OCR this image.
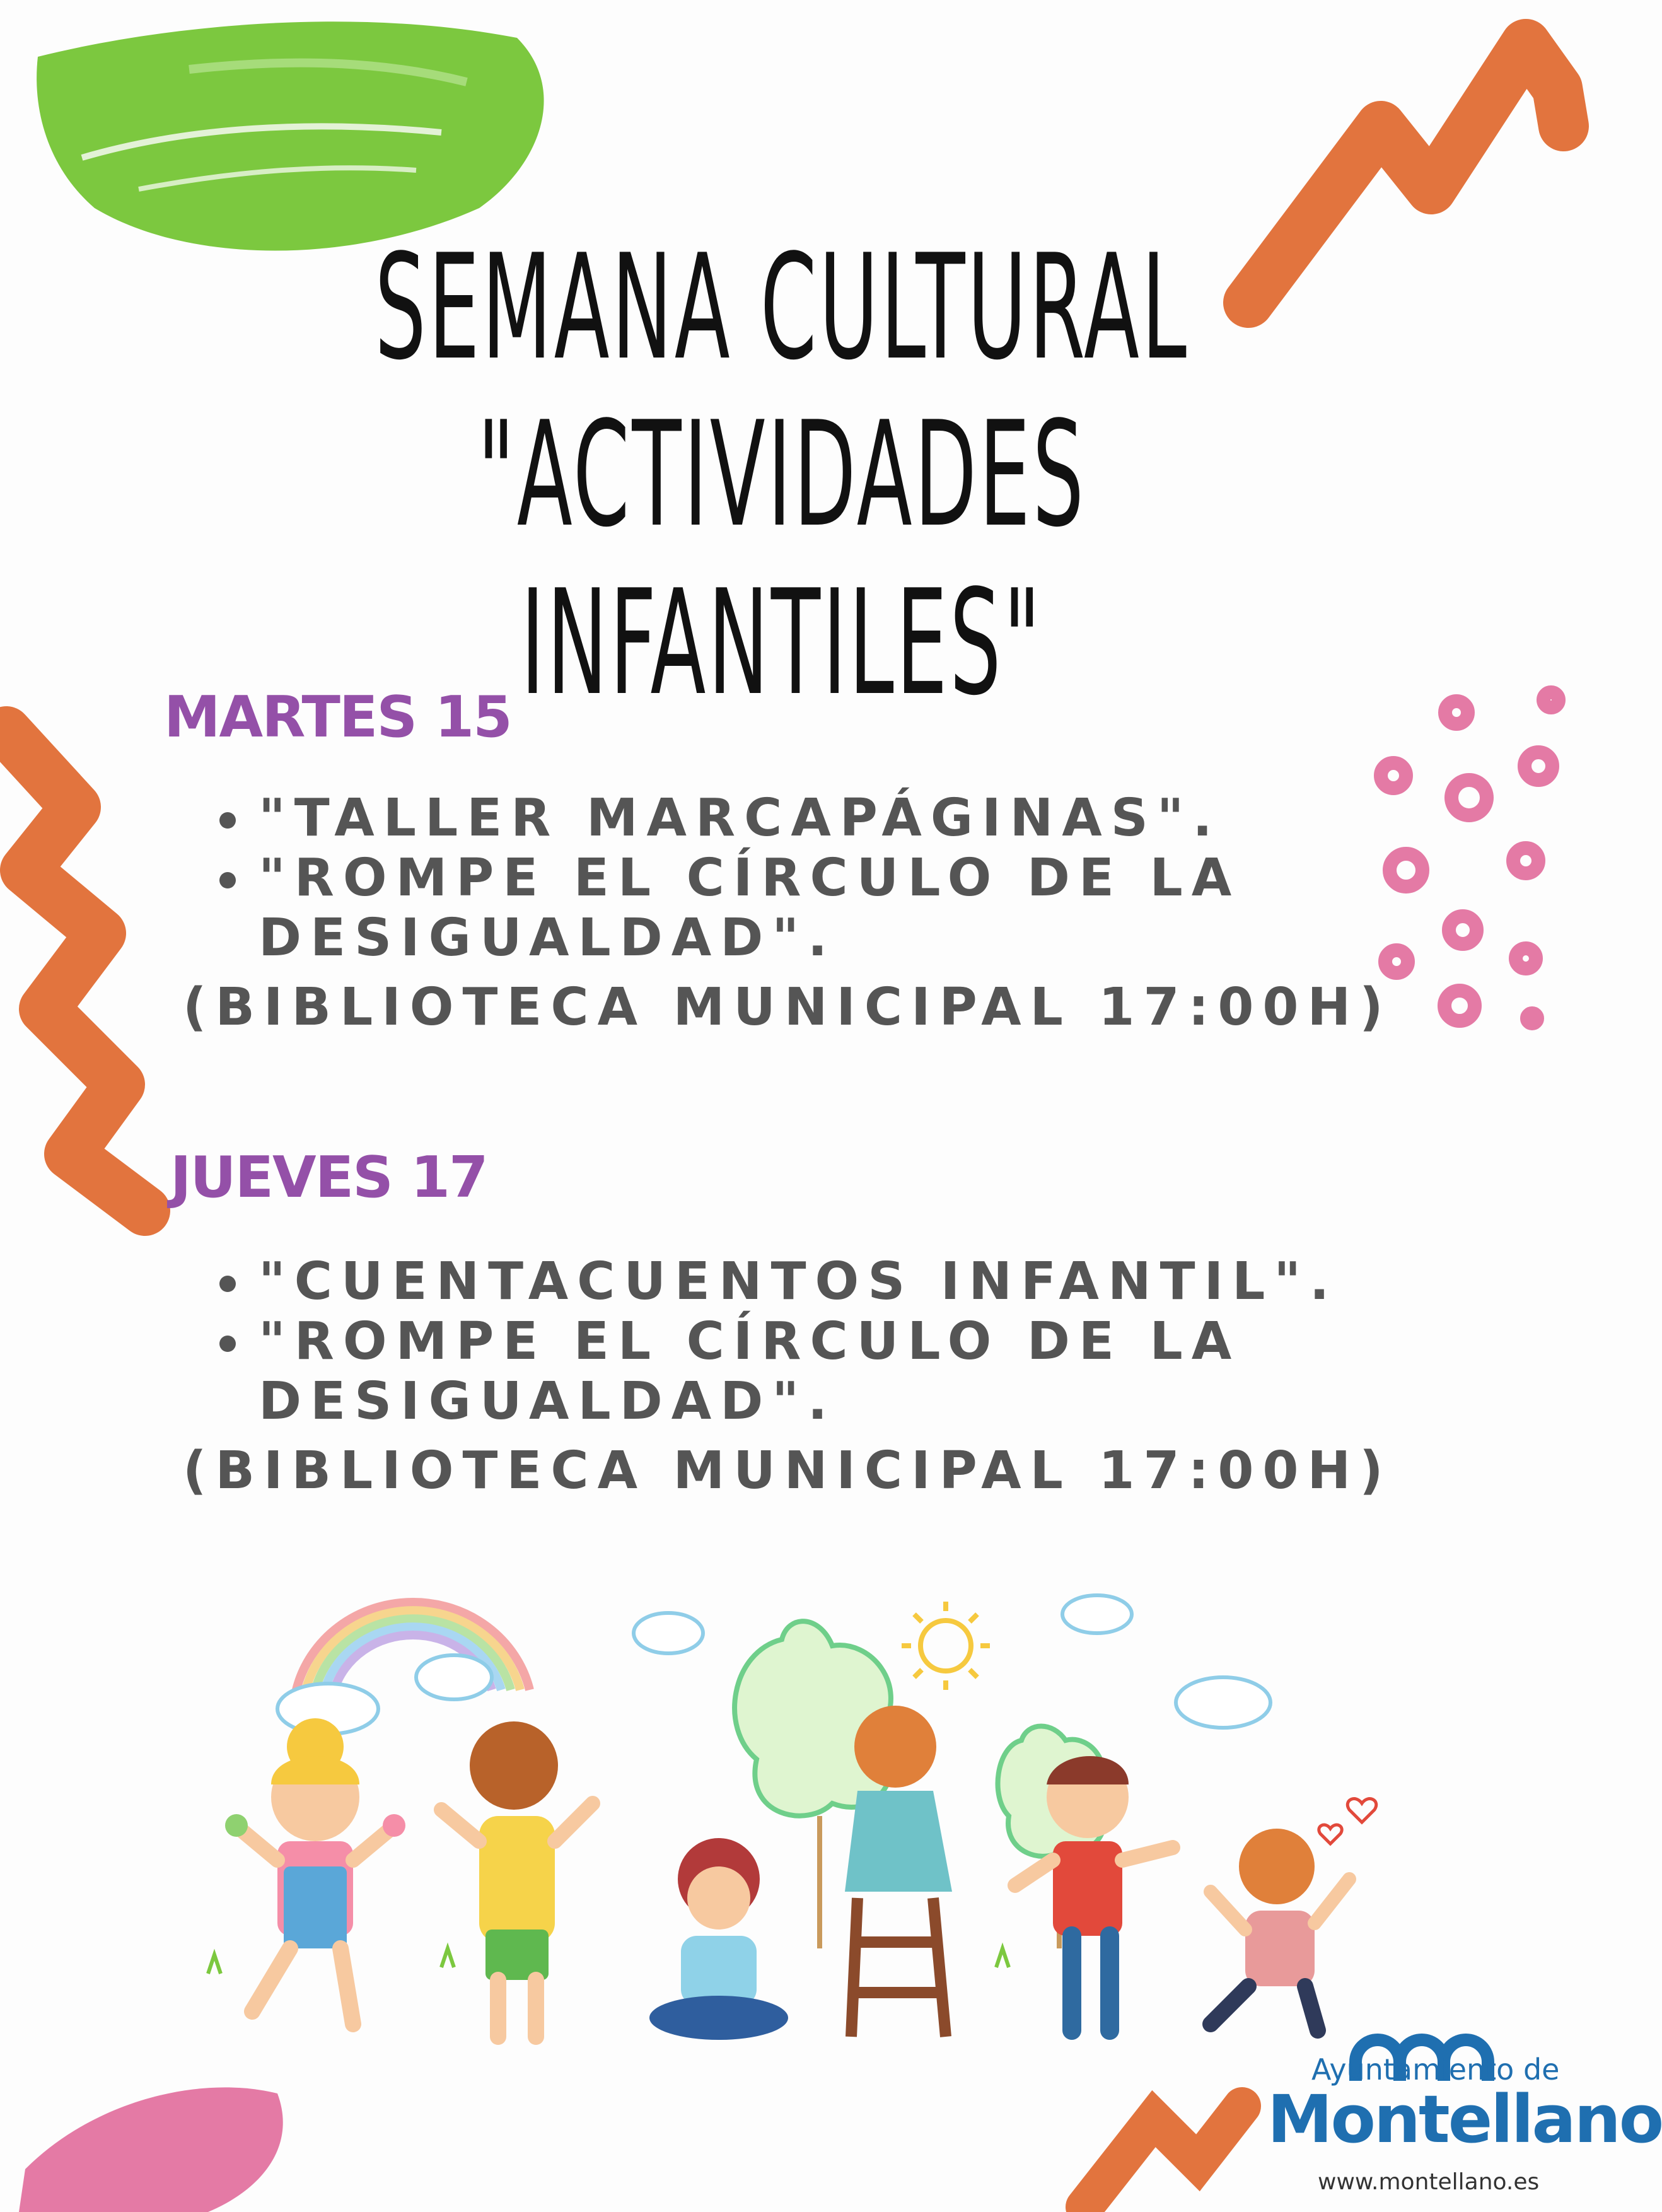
SEMANA CULTURAL
"ACTIVIDADES INFANTILES"
MARTES 15
"TALLER MARCAPÁGINAS".
"ROMPE EL CÍRCULO DE LA
DESIGUALDAD".
(BIBLIOTECA MUNICIPAL 17:00H)
JUEVES 17
"CUENTACUENTOS INFANTIL".
"ROMPE EL CÍRCULO DE LA
DESIGUALDAD".
(BIBLIOTECA MUNICIPAL 17:00H)
Ayuntamiento de
Montellano
www.montellano.es
